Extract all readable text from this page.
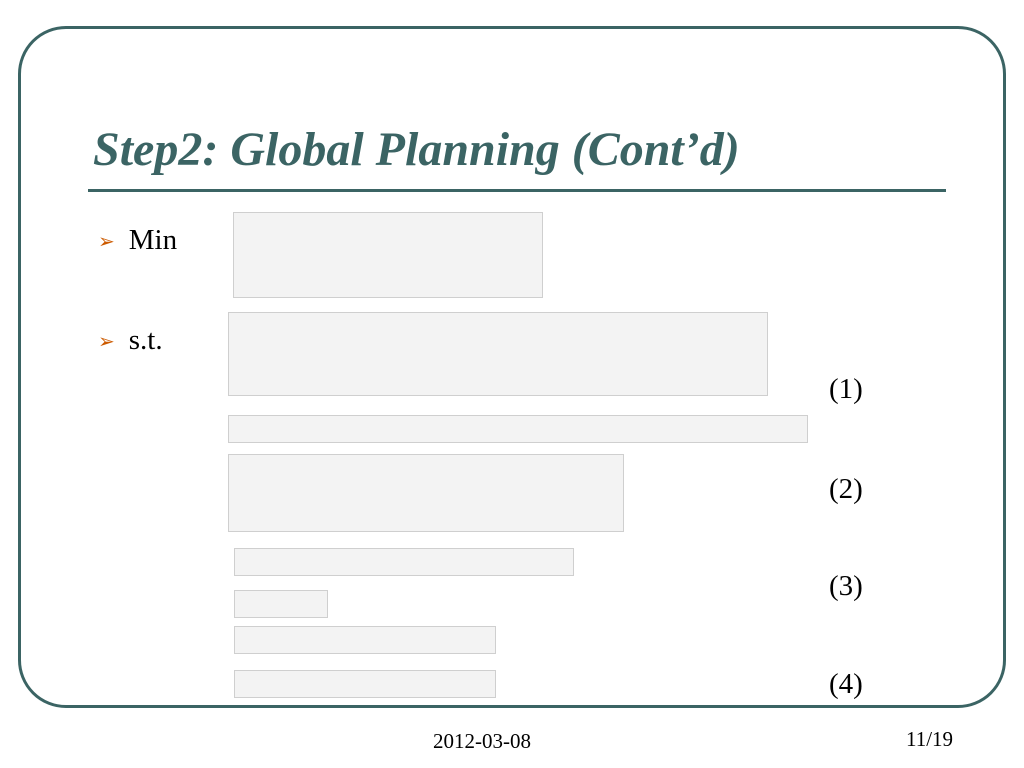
Step2: Global Planning (Cont’d)
➢ Min
➢ s.t.
(1)
(2)
(3)
(4)
2012-03-08	11/19
